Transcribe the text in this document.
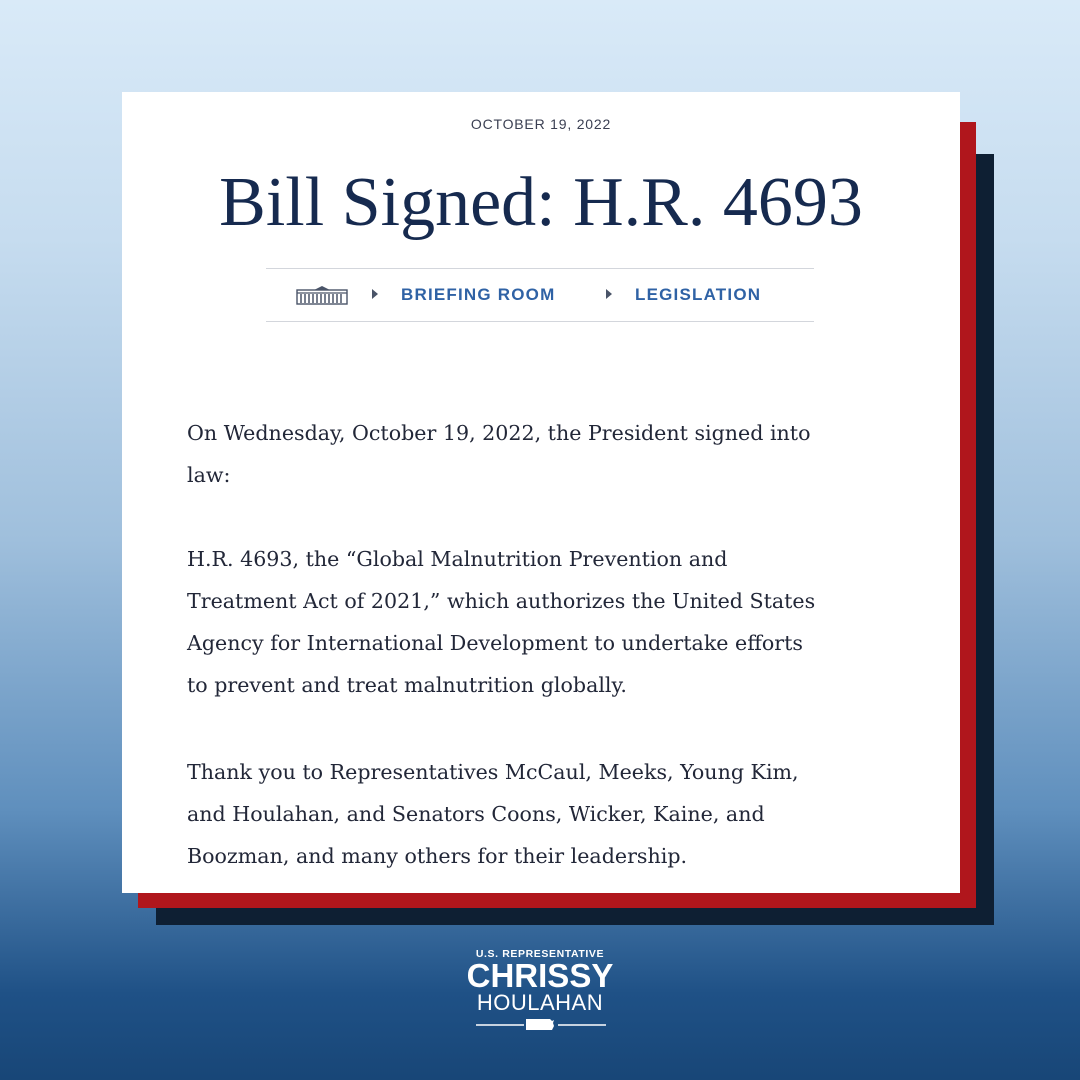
OCTOBER 19, 2022
Bill Signed: H.R. 4693
BRIEFING ROOM	LEGISLATION
On Wednesday, October 19, 2022, the President signed into
law:
H.R. 4693, the “Global Malnutrition Prevention and
Treatment Act of 2021,” which authorizes the United States
Agency for International Development to undertake efforts
to prevent and treat malnutrition globally.
Thank you to Representatives McCaul, Meeks, Young Kim,
and Houlahan, and Senators Coons, Wicker, Kaine, and
Boozman, and many others for their leadership.
U.S. REPRESENTATIVE
CHRISSY
HOULAHAN
